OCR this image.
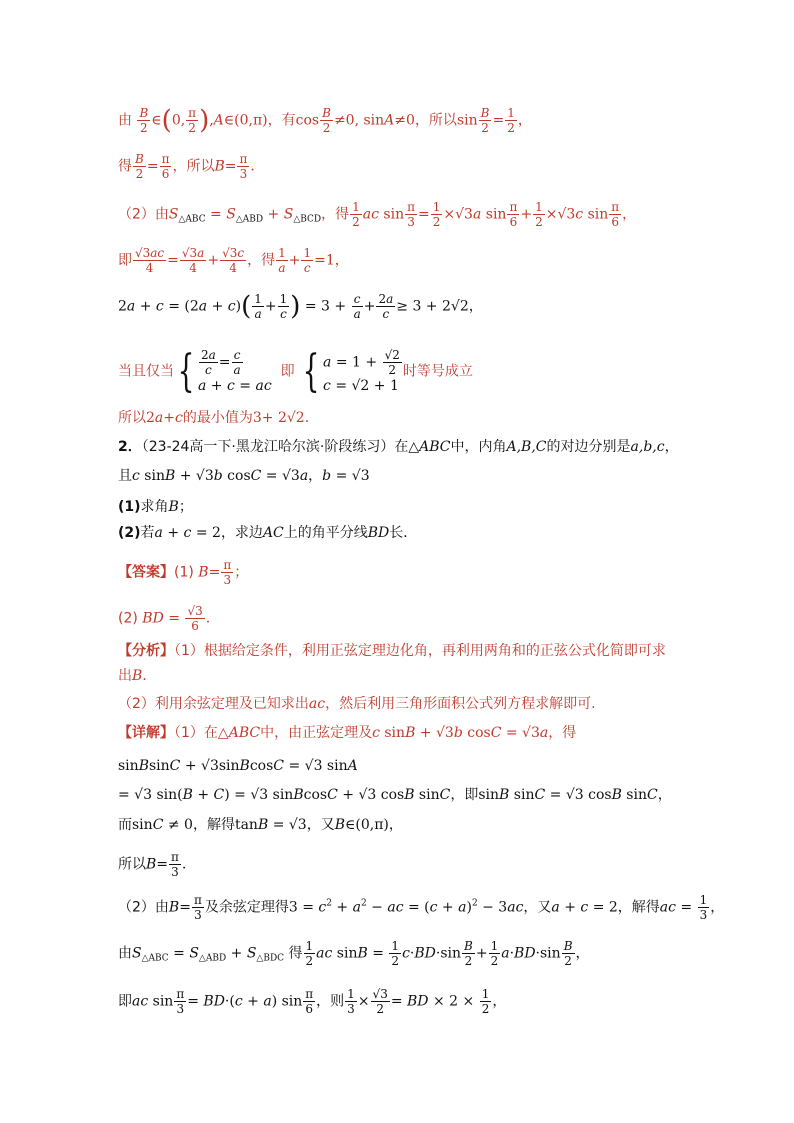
由 $\frac{B}{2}$ ∈(0, $\frac{\pi}{2}$ ),A∈(0,π)，有$\cos \frac{B}{2} \ne 0$, sinA≠0，所以$\sin \frac{B}{2} = \frac{1}{2}$ ，
得 $\frac{B}{2} = \frac{\pi}{6}$ ，所以$B= \frac{\pi}{3}$ .
（2）由$S_{\triangle ABC} = S_{\triangle ABD} + S_{\triangle BCD}$，得 $\frac{1}{2}$ ac $\sin \frac{\pi}{3} = \frac{1}{2} \times√3a$ $\sin \frac{\pi}{6} + \frac{1}{2} \times√3c$ $\sin \frac{\pi}{6}$ ，
即 $\frac{√3ac}{4} = \frac{√3a}{4} + \frac{√3c}{4}$ ，得 $\frac{1}{a} + \frac{1}{c} =1$，
$2a + c = (2a + c)( \frac{1}{a} + \frac{1}{c}$ ) = $3 + \frac{c}{a} + \frac{2a}{c} \ge 3 + 2√2$，
当且仅当{ $\frac{2a}{c} = \frac{c}{a}$
a + c = ac
即 { $a = 1 + \frac{√2}{2}$
c = √2 + 1
时等号成立
所以2a+c的最小值为3+ 2√2.
2．（23-24高一下·黑龙江哈尔滨·阶段练习）在△ABC中，内角A,B,C的对边分别是a,b,c，
且c sinB + √3b cosC = √3a，b = √3
(1)求角B；
(2)若a + c = 2，求边AC上的角平分线BD长．
【答案】(1) $B= \frac{\pi}{3}$ ；
(2) BD = $\frac{√3}{6}$ .
【分析】（1）根据给定条件，利用正弦定理边化角，再利用两角和的正弦公式化简即可求
出B.
（2）利用余弦定理及已知求出ac，然后利用三角形面积公式列方程求解即可.
【详解】（1）在△ABC中，由正弦定理及c sinB + √3b cosC = √3a，得
sinBsinC + √3sinBcosC = √3 sinA
= √3 sin(B + C) = √3 sinBcosC + √3 cosB sinC，即sinB sinC = √3 cosB sinC，
而sinC ≠ 0，解得tanB = √3，又B∈(0,π)，
所以$B= \frac{\pi}{3}$ .
（2）由$B= \frac{\pi}{3}$ 及余弦定理得$3 = c^2 + a^2$ − ac = $(c + a)^2 - 3ac$，又a + c = 2，解得ac = $\frac{1}{3}$ ，
由$S_{\triangle ABC} = S_{\triangle ABD} + S_{\triangle BDC}$ 得 $\frac{1}{2}$ ac $\sin B = \frac{1}{2} c\cdot BD\cdot\sin \frac{B}{2} + \frac{1}{2} a\cdot BD\cdot\sin \frac{B}{2}$ ，
即ac $\sin \frac{\pi}{3} = BD\cdot(c + a)$ $\sin \frac{\pi}{6}$ ，则 $\frac{1}{3} \times \frac{√3}{2}$ = BD × $2 \times \frac{1}{2}$ ，
